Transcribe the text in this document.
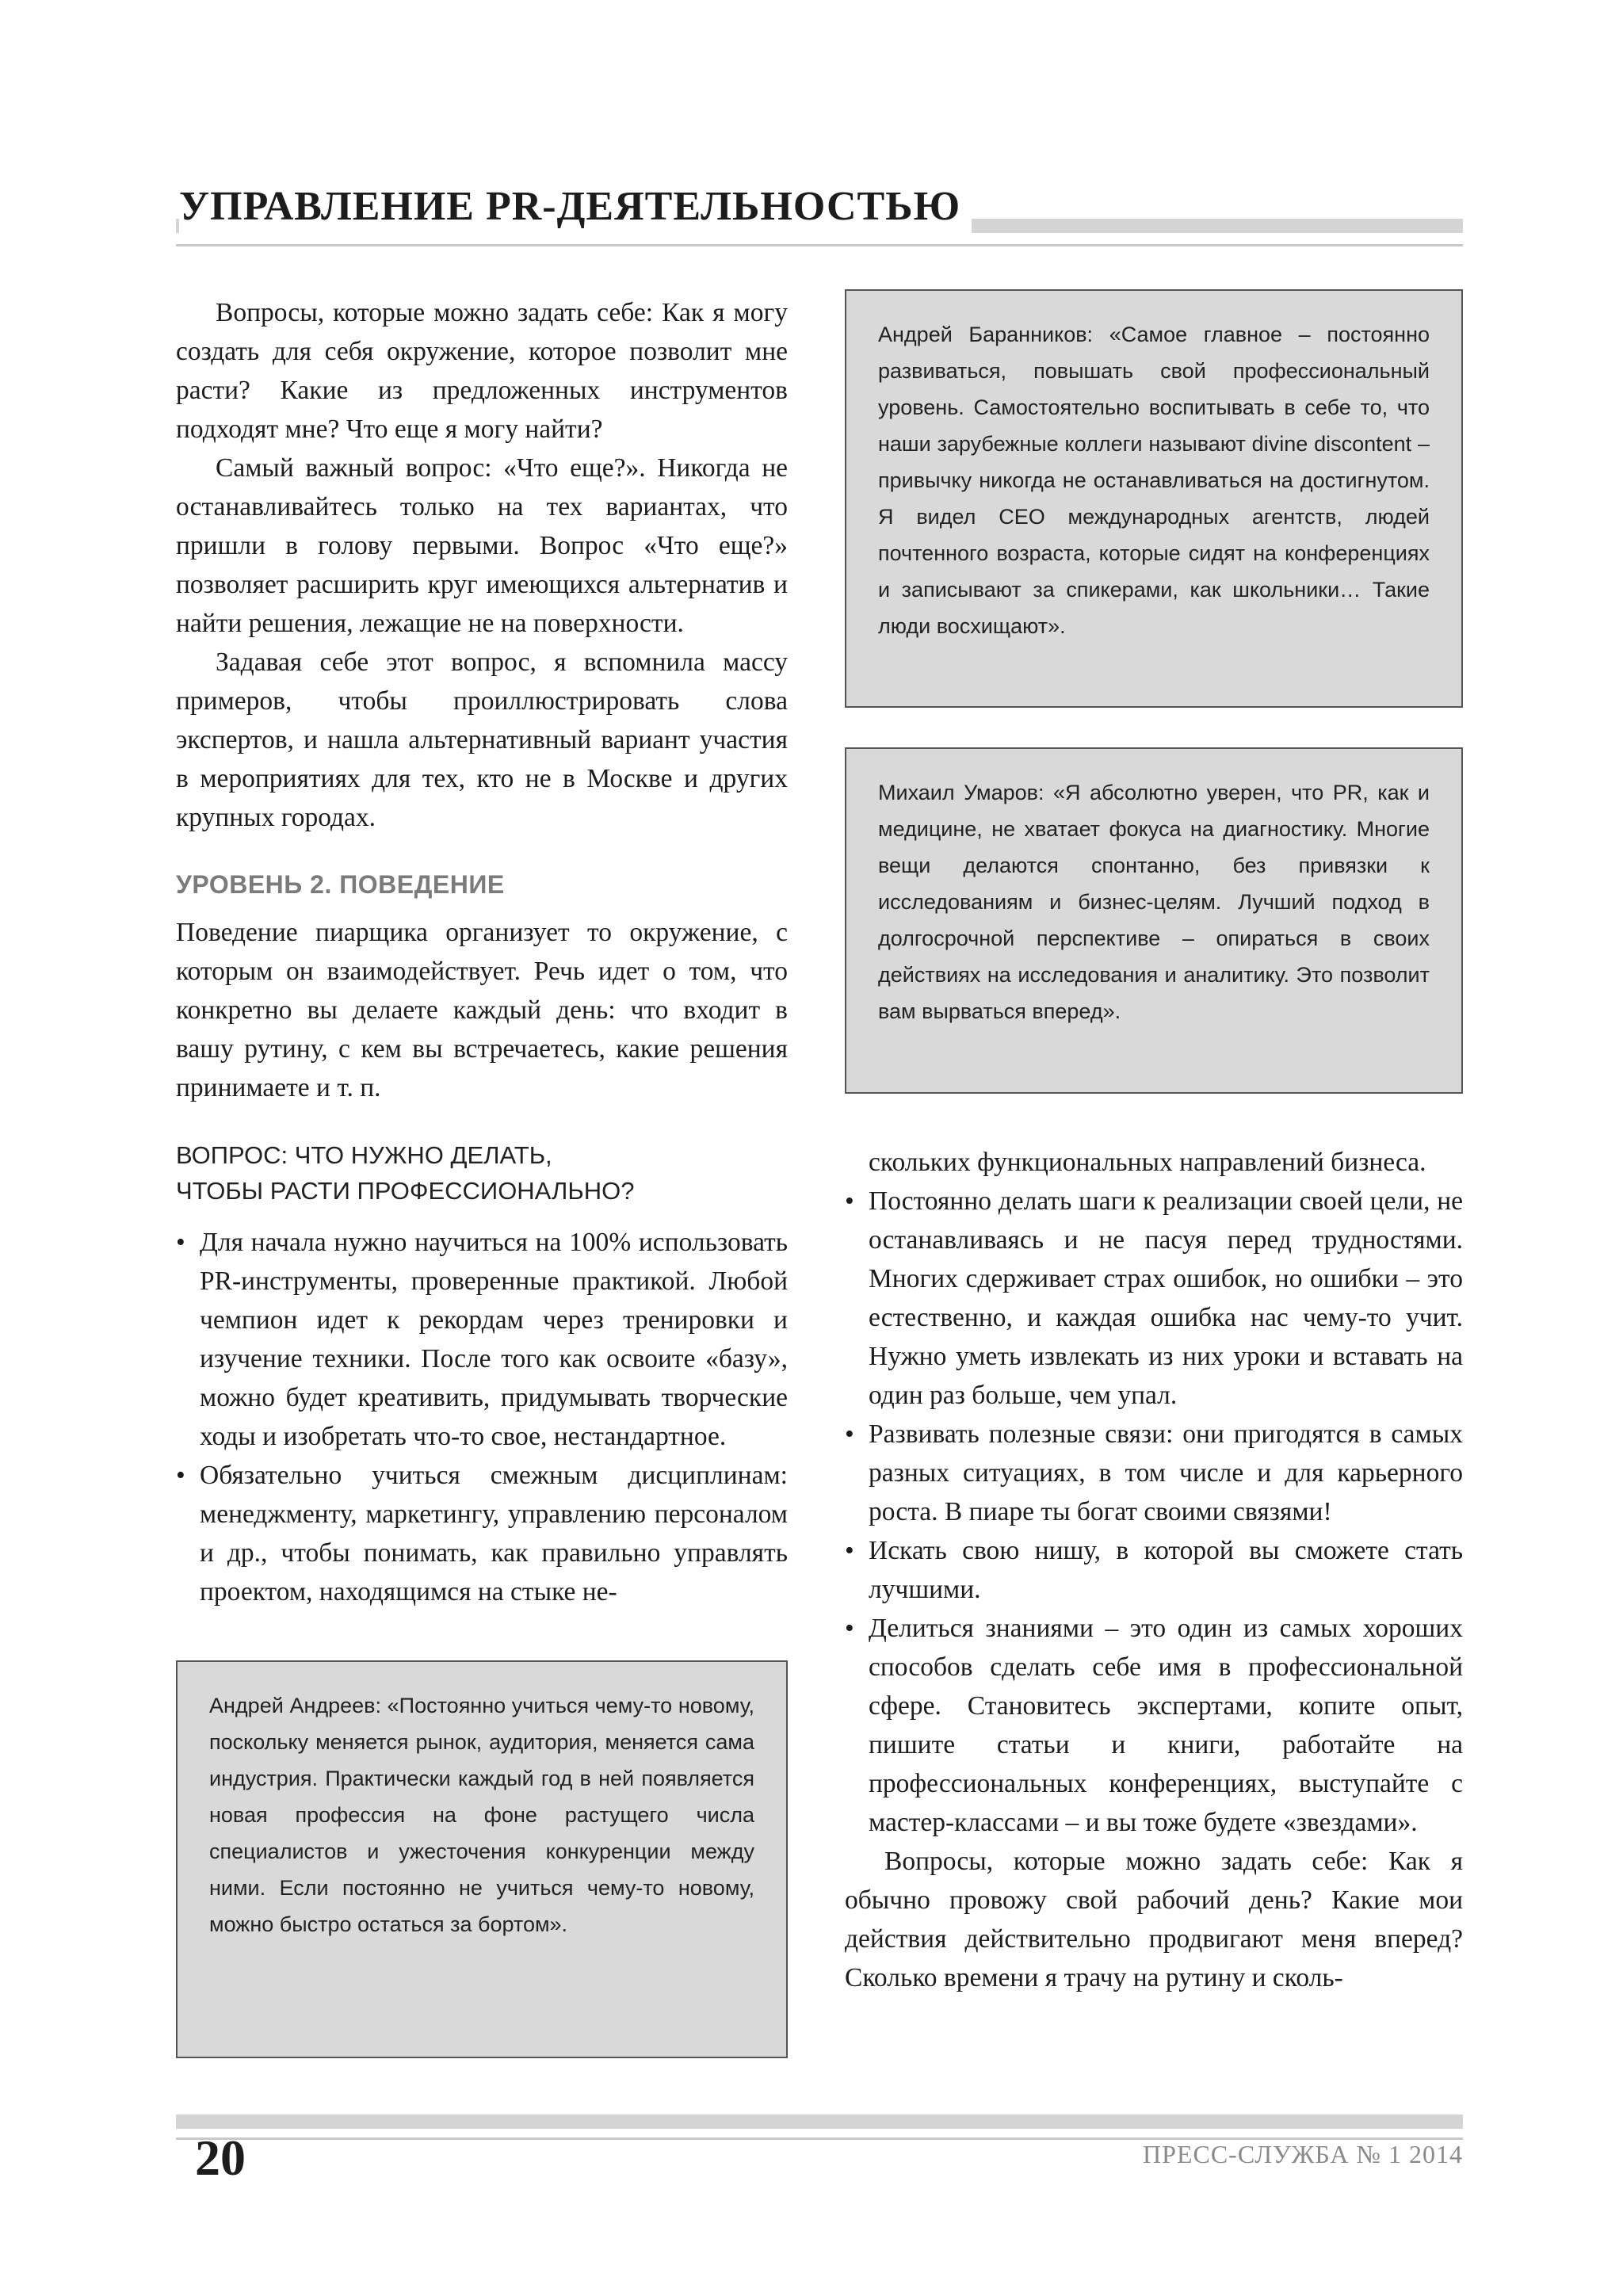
УПРАВЛЕНИЕ PR-ДЕЯТЕЛЬНОСТЬЮ

Вопросы, которые можно задать себе: Как я могу создать для себя окружение, которое позволит мне расти? Какие из предложенных инструментов подходят мне? Что еще я могу найти?

Самый важный вопрос: «Что еще?». Никогда не останавливайтесь только на тех вариантах, что пришли в голову первыми. Вопрос «Что еще?» позволяет расширить круг имеющихся альтернатив и найти решения, лежащие не на поверхности.

Задавая себе этот вопрос, я вспомнила массу примеров, чтобы проиллюстрировать слова экспертов, и нашла альтернативный вариант участия в мероприятиях для тех, кто не в Москве и других крупных городах.

УРОВЕНЬ 2. ПОВЕДЕНИЕ

Поведение пиарщика организует то окружение, с которым он взаимодействует. Речь идет о том, что конкретно вы делаете каждый день: что входит в вашу рутину, с кем вы встречаетесь, какие решения принимаете и т. п.

ВОПРОС: ЧТО НУЖНО ДЕЛАТЬ,
ЧТОБЫ РАСТИ ПРОФЕССИОНАЛЬНО?
• Для начала нужно научиться на 100% использовать PR-инструменты, проверенные практикой. Любой чемпион идет к рекордам через тренировки и изучение техники. После того как освоите «базу», можно будет креативить, придумывать творческие ходы и изобретать что-то свое, нестандартное.
• Обязательно учиться смежным дисциплинам: менеджменту, маркетингу, управлению персоналом и др., чтобы понимать, как правильно управлять проектом, находящимся на стыке не-

скольких функциональных направлений бизнеса.

• Постоянно делать шаги к реализации своей цели, не останавливаясь и не пасуя перед трудностями. Многих сдерживает страх ошибок, но ошибки – это естественно, и каждая ошибка нас чему-то учит. Нужно уметь извлекать из них уроки и вставать на один раз больше, чем упал.
• Развивать полезные связи: они пригодятся в самых разных ситуациях, в том числе и для карьерного роста. В пиаре ты богат своими связями!
• Искать свою нишу, в которой вы сможете стать лучшими.
• Делиться знаниями – это один из самых хороших способов сделать себе имя в профессиональной сфере. Становитесь экспертами, копите опыт, пишите статьи и книги, работайте на профессиональных конференциях, выступайте с мастер-классами – и вы тоже будете «звездами».

Вопросы, которые можно задать себе: Как я обычно провожу свой рабочий день? Какие мои действия действительно продвигают меня вперед? Сколько времени я трачу на рутину и сколь-

Андрей Баранников: «Самое главное – постоянно развиваться, повышать свой профессиональный уровень. Самостоятельно воспитывать в себе то, что наши зарубежные коллеги называют divine discontent – привычку никогда не останавливаться на достигнутом. Я видел CEO международных агентств, людей почтенного возраста, которые сидят на конференциях и записывают за спикерами, как школьники… Такие люди восхищают».

Михаил Умаров: «Я абсолютно уверен, что PR, как и медицине, не хватает фокуса на диагностику. Многие вещи делаются спонтанно, без привязки к исследованиям и бизнес-целям. Лучший подход в долгосрочной перспективе – опираться в своих действиях на исследования и аналитику. Это позволит вам вырваться вперед».

Андрей Андреев: «Постоянно учиться чему-то новому, поскольку меняется рынок, аудитория, меняется сама индустрия. Практически каждый год в ней появляется новая профессия на фоне растущего числа специалистов и ужесточения конкуренции между ними. Если постоянно не учиться чему-то новому, можно быстро остаться за бортом».

20	ПРЕСС-СЛУЖБА № 1 2014
